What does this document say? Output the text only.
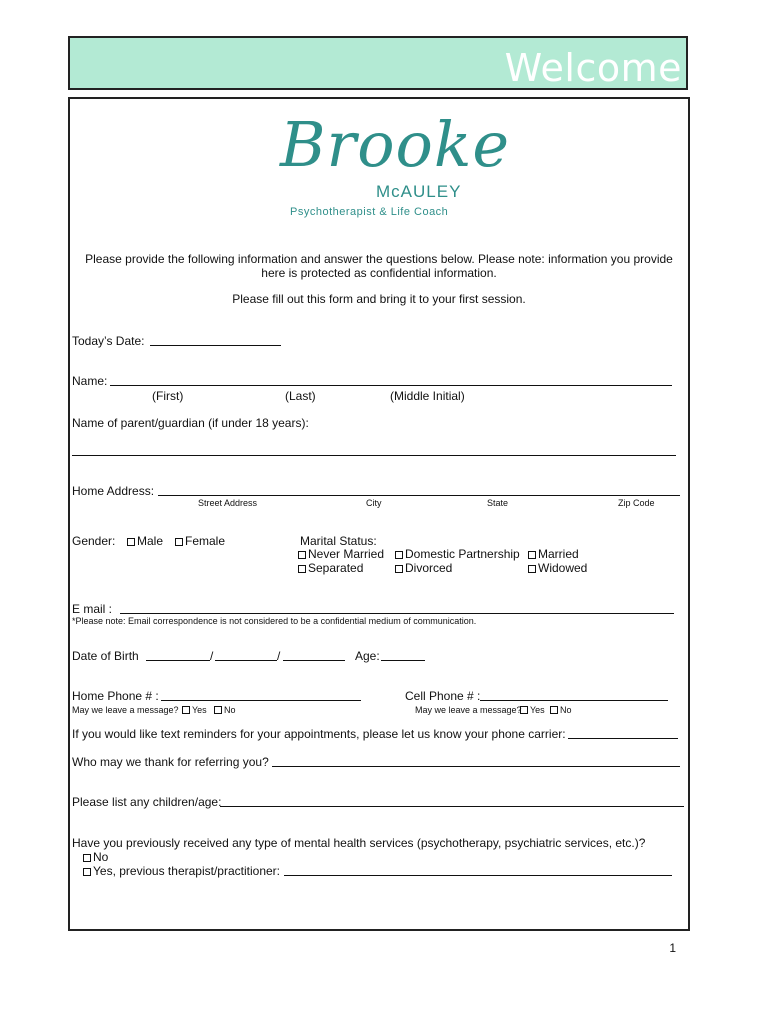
Welcome
Brooke
McAULEY
Psychotherapist & Life Coach
Please provide the following information and answer the questions below. Please note: information you provide
here is protected as confidential information.
Please fill out this form and bring it to your first session.
Today’s Date:
Name:
(First)	(Last)	(Middle Initial)
Name of parent/guardian (if under 18 years):
Home Address:
Street Address	City	State	Zip Code
Gender:	Male	Female	Marital Status:
Never Married	Domestic Partnership	Married
Separated	Divorced	Widowed
E mail :
*Please note: Email correspondence is not considered to be a confidential medium of communication.
Date of Birth	/	/	Age:
Home Phone # :	Cell Phone # :
May we leave a message?	Yes	No	May we leave a message? Yes	No
If you would like text reminders for your appointments, please let us know your phone carrier:
Who may we thank for referring you?
Please list any children/age:
Have you previously received any type of mental health services (psychotherapy, psychiatric services, etc.)?
No
Yes, previous therapist/practitioner:
1
